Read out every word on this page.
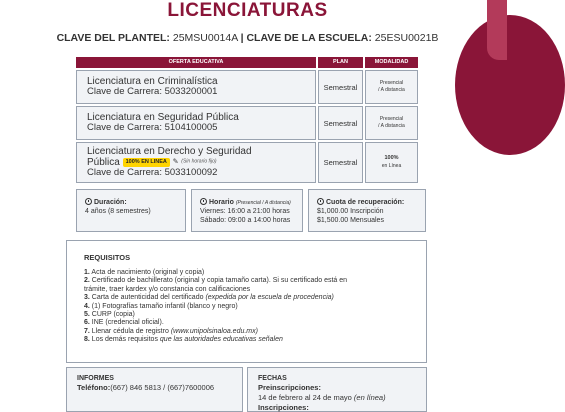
LICENCIATURAS
CLAVE DEL PLANTEL: 25MSU0014A | CLAVE DE LA ESCUELA: 25ESU0021B
OFERTA EDUCATIVA	PLAN	MODALIDAD
Licenciatura en Criminalística
Clave de Carrera: 5033200001	Semestral	Presencial
/ A distancia
Licenciatura en Seguridad Pública
Clave de Carrera: 5104100005	Semestral	Presencial
/ A distancia
Licenciatura en Derecho y Seguridad
Pública 100% EN LINEA ✎ (Sin horario fijo)
Clave de Carrera: 5033100092
Semestral	100%
en Línea
Duración:
4 años (8 semestres)
Horario (Presencial / A distancia)
Viernes: 16:00 a 21:00 horas
Sábado: 09:00 a 14:00 horas
Cuota de recuperación:
$1,000.00 Inscripción
$1,500.00 Mensuales
REQUISITOS
1. Acta de nacimiento (original y copia)
2. Certificado de bachillerato (original y copia tamaño carta). Si su certificado está en
trámite, traer kardex y/o constancia con calificaciones
3. Carta de autenticidad del certificado (expedida por la escuela de procedencia)
4. (1) Fotografías tamaño infantil (blanco y negro)
5. CURP (copia)
6. INE (credencial oficial).
7. Llenar cédula de registro (www.unipolsinaloa.edu.mx)
8. Los demás requisitos que las autoridades educativas señalen
INFORMES
Teléfono:(667) 846 5813 / (667)7600006
FECHAS
Preinscripciones:
14 de febrero al 24 de mayo (en línea)
Inscripciones:
